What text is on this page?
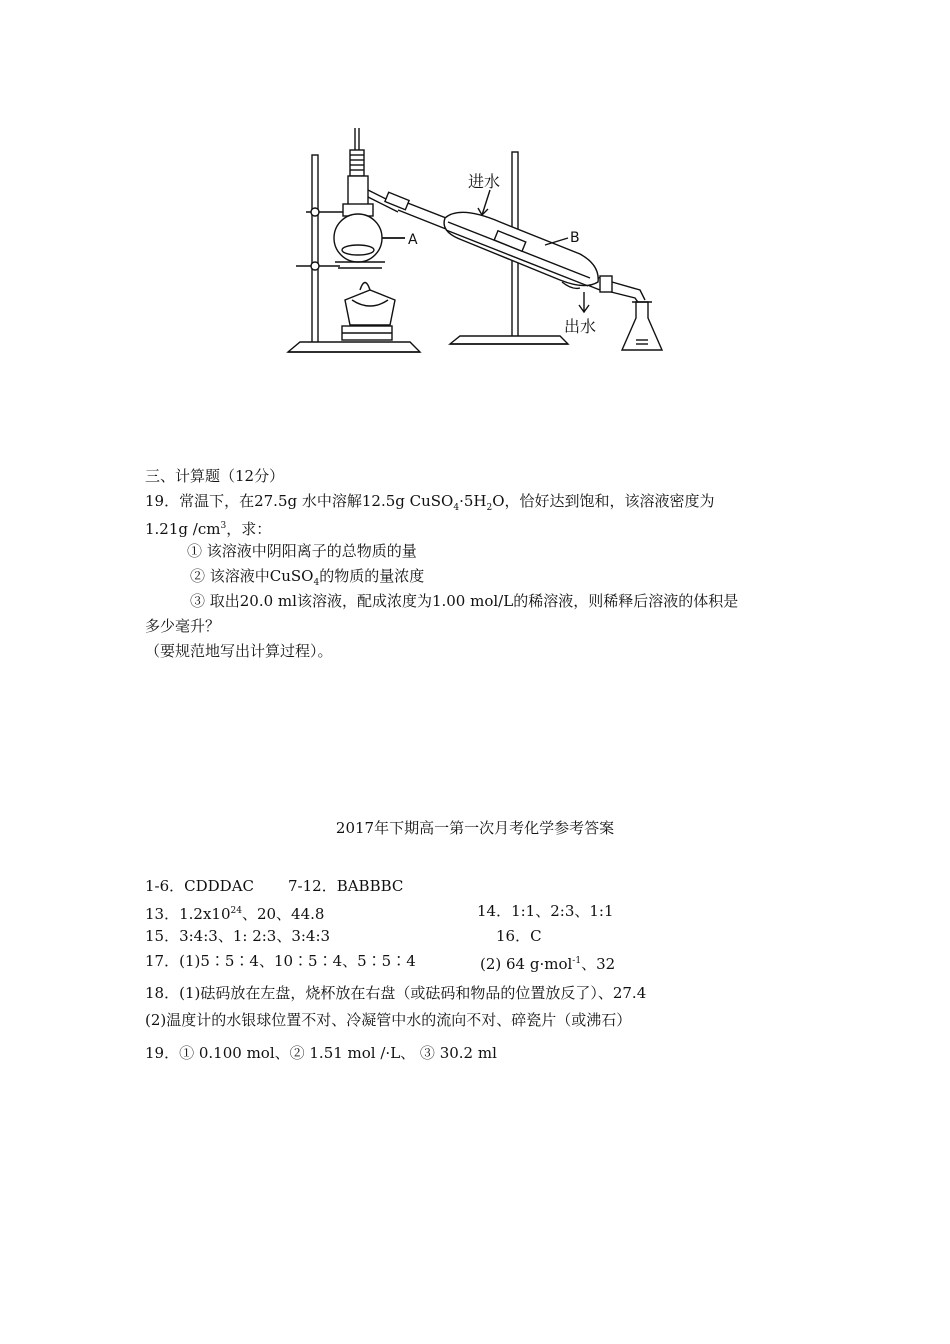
A	B
进水
出水
三、计算题（12分）
19．常温下，在27.5g 水中溶解12.5g $CuSO_4\cdot 5H_2O$，恰好达到饱和，该溶液密度为
1.21g $/cm^3$，求：
① 该溶液中阴阳离子的总物质的量
② 该溶液中CuSO$_4$的物质的量浓度
③ 取出20.0 ml该溶液，配成浓度为1.00 mol/L的稀溶液，则稀释后溶液的体积是
多少毫升？
（要规范地写出计算过程）。
2017年下期高一第一次月考化学参考答案
1-6．CDDDAC 7-12．BABBBC
13．$1.2x10^{24}$、20、44.8	14．1:1、2:3、1:1
15．3:4:3、1: 2:3、3:4:3	16．C
17．(1)5∶5∶4、10∶5∶4、5∶5∶4	(2) 64 g·mol$^{-1}$、32
18．(1)砝码放在左盘，烧杯放在右盘（或砝码和物品的位置放反了）、27.4
(2)温度计的水银球位置不对、冷凝管中水的流向不对、碎瓷片（或沸石）
19．① 0.100 mol、② 1.51 mol /·L、 ③ 30.2 ml
